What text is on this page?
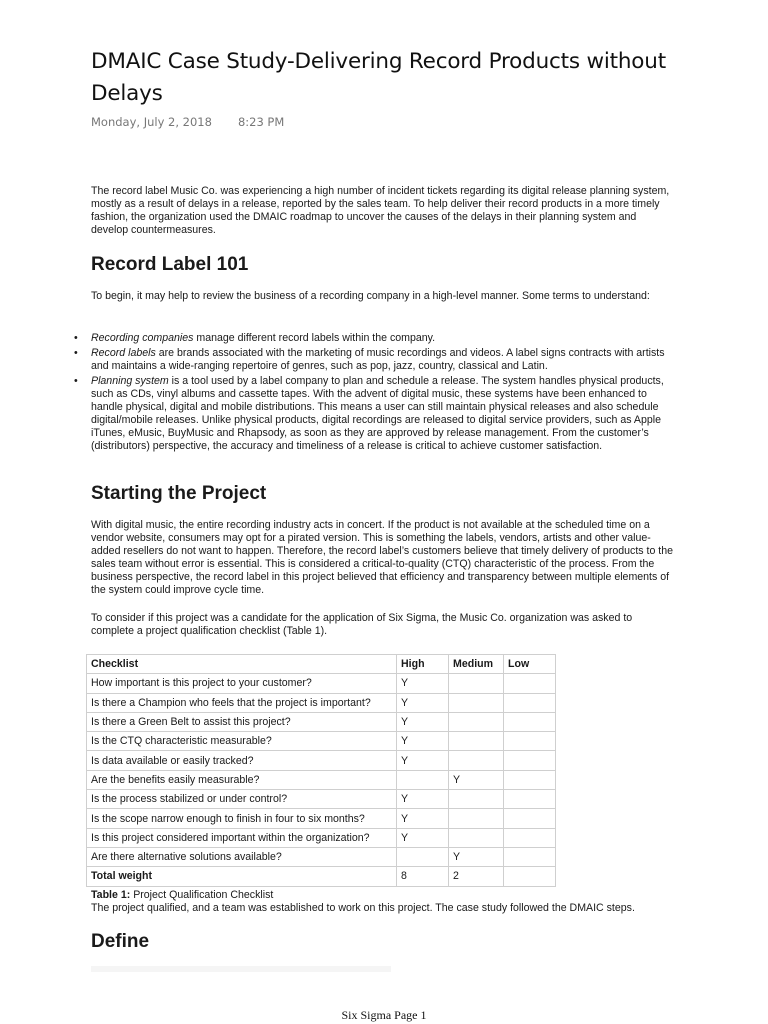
DMAIC Case Study-Delivering Record Products without Delays
Monday, July 2, 2018 8:23 PM

The record label Music Co. was experiencing a high number of incident tickets regarding its digital release planning system, mostly as a result of delays in a release, reported by the sales team. To help deliver their record products in a more timely fashion, the organization used the DMAIC roadmap to uncover the causes of the delays in their planning system and develop countermeasures.

Record Label 101

To begin, it may help to review the business of a recording company in a high-level manner. Some terms to understand:

• Recording companies manage different record labels within the company.
• Record labels are brands associated with the marketing of music recordings and videos. A label signs contracts with artists and maintains a wide-ranging repertoire of genres, such as pop, jazz, country, classical and Latin.
• Planning system is a tool used by a label company to plan and schedule a release. The system handles physical products, such as CDs, vinyl albums and cassette tapes. With the advent of digital music, these systems have been enhanced to handle physical, digital and mobile distributions. This means a user can still maintain physical releases and also schedule digital/mobile releases. Unlike physical products, digital recordings are released to digital service providers, such as Apple iTunes, eMusic, BuyMusic and Rhapsody, as soon as they are approved by release management. From the customer’s (distributors) perspective, the accuracy and timeliness of a release is critical to achieve customer satisfaction.
Starting the Project

With digital music, the entire recording industry acts in concert. If the product is not available at the scheduled time on a vendor website, consumers may opt for a pirated version. This is something the labels, vendors, artists and other value-added resellers do not want to happen. Therefore, the record label’s customers believe that timely delivery of products to the sales team without error is essential. This is considered a critical-to-quality (CTQ) characteristic of the process. From the business perspective, the record label in this project believed that efficiency and transparency between multiple elements of the system could improve cycle time.

To consider if this project was a candidate for the application of Six Sigma, the Music Co. organization was asked to complete a project qualification checklist (Table 1).

Table 1: Project Qualification Checklist
The project qualified, and a team was established to work on this project. The case study followed the DMAIC steps.
Define
Checklist	High	Medium	Low
How important is this project to your customer?	Y		
Is there a Champion who feels that the project is important?	Y		
Is there a Green Belt to assist this project?	Y		
Is the CTQ characteristic measurable?	Y		
Is data available or easily tracked?	Y		
Are the benefits easily measurable?		Y	
Is the process stabilized or under control?	Y		
Is the scope narrow enough to finish in four to six months?	Y		
Is this project considered important within the organization?	Y		
Are there alternative solutions available?		Y	
Total weight	8	2	
Six Sigma Page 1
